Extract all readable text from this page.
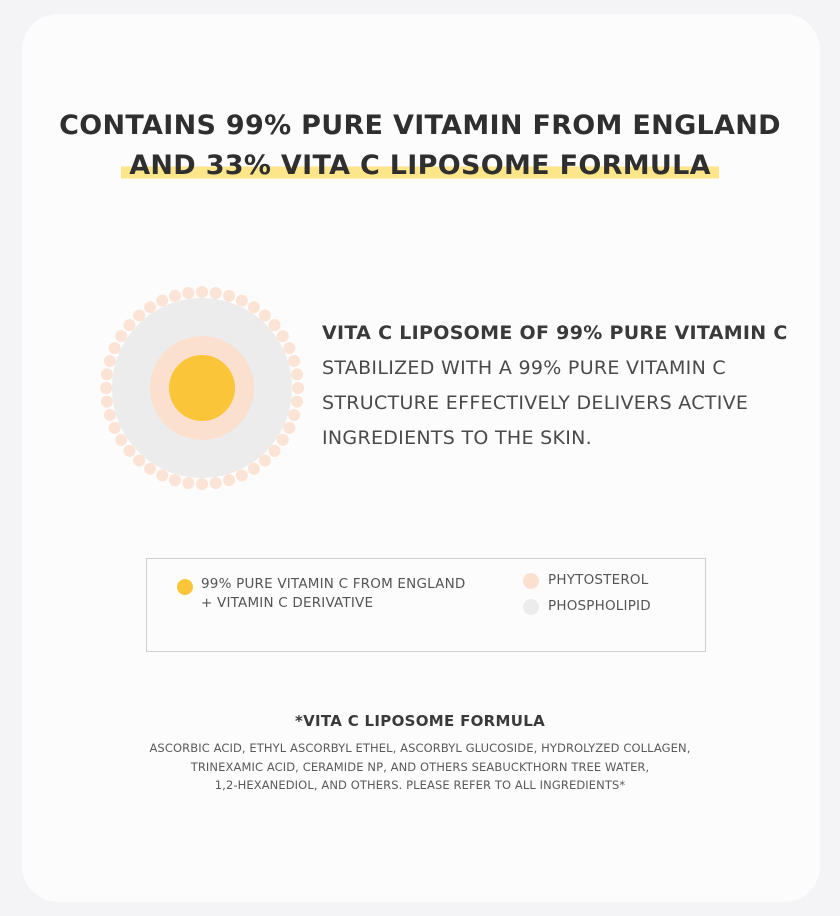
CONTAINS 99% PURE VITAMIN FROM ENGLAND
AND 33% VITA C LIPOSOME FORMULA
VITA C LIPOSOME OF 99% PURE VITAMIN C
STABILIZED WITH A 99% PURE VITAMIN C
STRUCTURE EFFECTIVELY DELIVERS ACTIVE
INGREDIENTS TO THE SKIN.
99% PURE VITAMIN C FROM ENGLAND
+ VITAMIN C DERIVATIVE
PHYTOSTEROL
PHOSPHOLIPID
*VITA C LIPOSOME FORMULA
ASCORBIC ACID, ETHYL ASCORBYL ETHEL, ASCORBYL GLUCOSIDE, HYDROLYZED COLLAGEN,
TRINEXAMIC ACID, CERAMIDE NP, AND OTHERS SEABUCKTHORN TREE WATER,
1,2-HEXANEDIOL, AND OTHERS. PLEASE REFER TO ALL INGREDIENTS*
